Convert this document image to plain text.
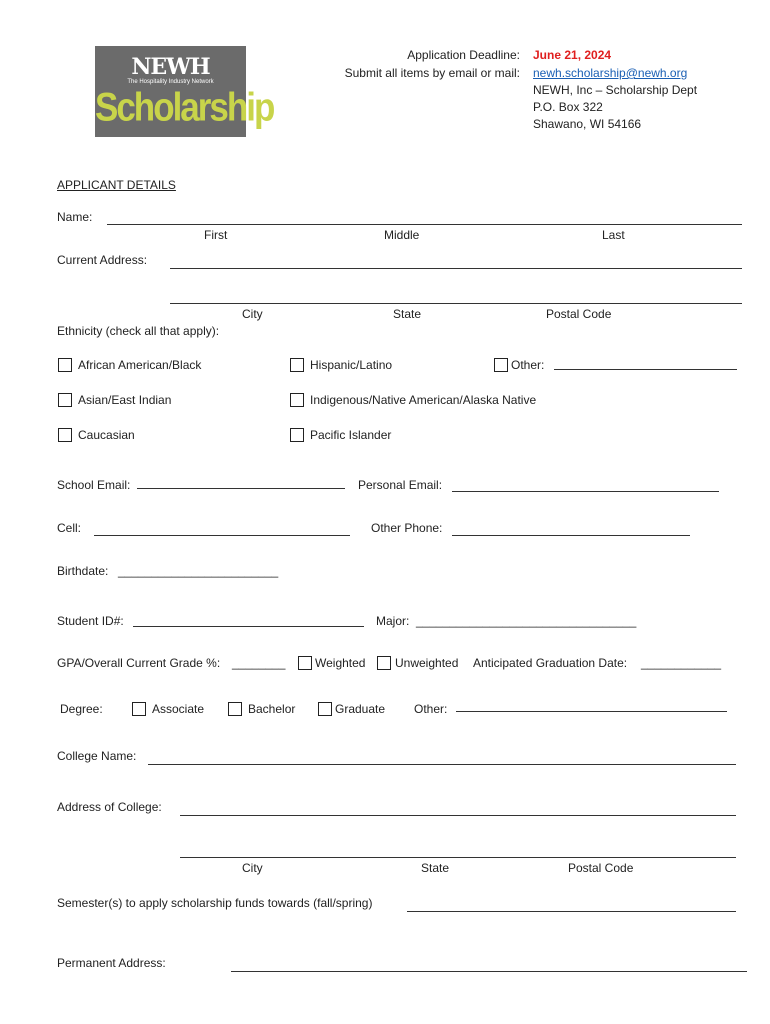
NEWH
The Hospitality Industry Network
Scholarship
Application Deadline: June 21, 2024
Submit all items by email or mail: newh.scholarship@newh.org
NEWH, Inc – Scholarship Dept
P.O. Box 322
Shawano, WI 54166
APPLICANT DETAILS
Name:
First	Middle	Last
Current Address:
City	State	Postal Code
Ethnicity (check all that apply):
African American/Black	Hispanic/Latino	Other:
Asian/East Indian	Indigenous/Native American/Alaska Native
Caucasian	Pacific Islander
School Email:	Personal Email:
Cell:	Other Phone:
Birthdate: ________________________
Student ID#:	Major: _________________________________
GPA/Overall Current Grade %: ________ Weighted Unweighted Anticipated Graduation Date: ____________
Degree:	Associate	Bachelor	Graduate Other:
College Name:
Address of College:
City	State	Postal Code
Semester(s) to apply scholarship funds towards (fall/spring)
Permanent Address:
